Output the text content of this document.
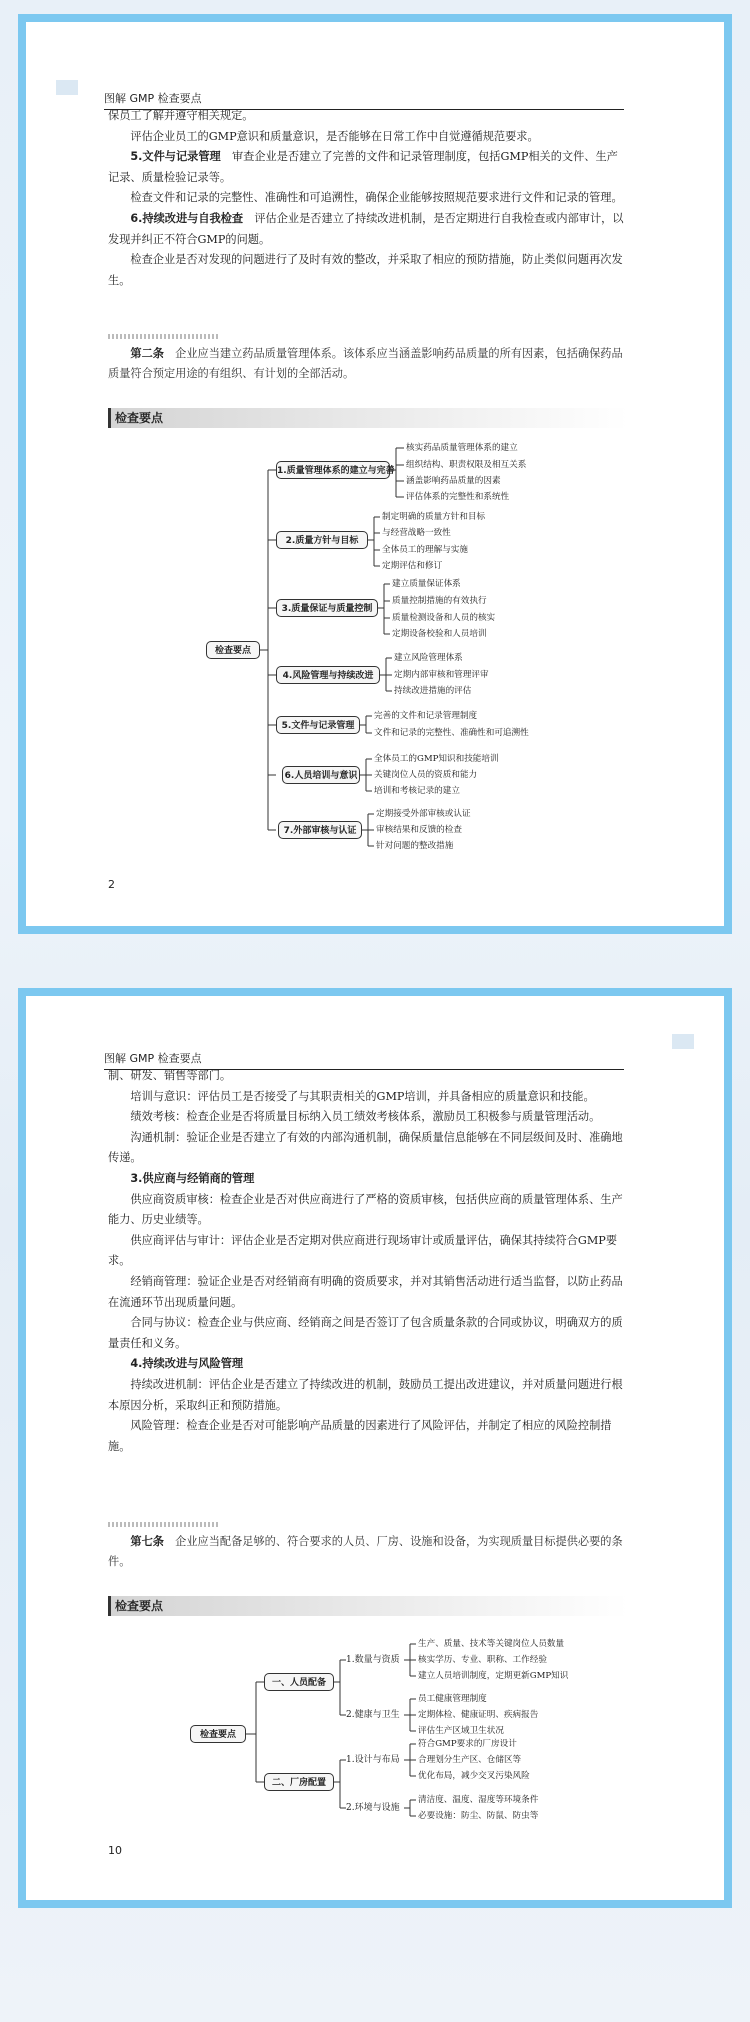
图解 GMP 检查要点

保员工了解并遵守相关规定。

评估企业员工的GMP意识和质量意识，是否能够在日常工作中自觉遵循规范要求。

5.文件与记录管理　 审查企业是否建立了完善的文件和记录管理制度，包括GMP相关的文件、生产记录、质量检验记录等。

检查文件和记录的完整性、准确性和可追溯性，确保企业能够按照规范要求进行文件和记录的管理。

6.持续改进与自我检查　 评估企业是否建立了持续改进机制，是否定期进行自我检查或内部审计，以发现并纠正不符合GMP的问题。

检查企业是否对发现的问题进行了及时有效的整改，并采取了相应的预防措施，防止类似问题再次发生。

第二条　 企业应当建立药品质量管理体系。该体系应当涵盖影响药品质量的所有因素，包括确保药品质量符合预定用途的有组织、有计划的全部活动。
检查要点
检查要点
1.质量管理体系的建立与完善
2.质量方针与目标
3.质量保证与质量控制
4.风险管理与持续改进
5.文件与记录管理
6.人员培训与意识
7.外部审核与认证
核实药品质量管理体系的建立
组织结构、职责权限及相互关系
涵盖影响药品质量的因素
评估体系的完整性和系统性
制定明确的质量方针和目标
与经营战略一致性
全体员工的理解与实施
定期评估和修订
建立质量保证体系
质量控制措施的有效执行
质量检测设备和人员的核实
定期设备校验和人员培训
建立风险管理体系
定期内部审核和管理评审
持续改进措施的评估
完善的文件和记录管理制度
文件和记录的完整性、准确性和可追溯性
全体员工的GMP知识和技能培训
关键岗位人员的资质和能力
培训和考核记录的建立
定期接受外部审核或认证
审核结果和反馈的检查
针对问题的整改措施
2
图解 GMP 检查要点

制、研发、销售等部门。

培训与意识：评估员工是否接受了与其职责相关的GMP培训，并具备相应的质量意识和技能。

绩效考核：检查企业是否将质量目标纳入员工绩效考核体系，激励员工积极参与质量管理活动。

沟通机制：验证企业是否建立了有效的内部沟通机制，确保质量信息能够在不同层级间及时、准确地传递。

3.供应商与经销商的管理

供应商资质审核：检查企业是否对供应商进行了严格的资质审核，包括供应商的质量管理体系、生产能力、历史业绩等。

供应商评估与审计：评估企业是否定期对供应商进行现场审计或质量评估，确保其持续符合GMP要求。

经销商管理：验证企业是否对经销商有明确的资质要求，并对其销售活动进行适当监督，以防止药品在流通环节出现质量问题。

合同与协议：检查企业与供应商、经销商之间是否签订了包含质量条款的合同或协议，明确双方的质量责任和义务。

4.持续改进与风险管理

持续改进机制：评估企业是否建立了持续改进的机制，鼓励员工提出改进建议，并对质量问题进行根本原因分析，采取纠正和预防措施。

风险管理：检查企业是否对可能影响产品质量的因素进行了风险评估，并制定了相应的风险控制措施。

第七条　 企业应当配备足够的、符合要求的人员、厂房、设施和设备，为实现质量目标提供必要的条件。
检查要点
检查要点
一、人员配备
二、厂房配置
1.数量与资质
2.健康与卫生
1.设计与布局
2.环境与设施
生产、质量、技术等关键岗位人员数量
核实学历、专业、职称、工作经验
建立人员培训制度，定期更新GMP知识
员工健康管理制度
定期体检、健康证明、疾病报告
评估生产区域卫生状况
符合GMP要求的厂房设计
合理划分生产区、仓储区等
优化布局，减少交叉污染风险
清洁度、温度、湿度等环境条件
必要设施：防尘、防鼠、防虫等
10
